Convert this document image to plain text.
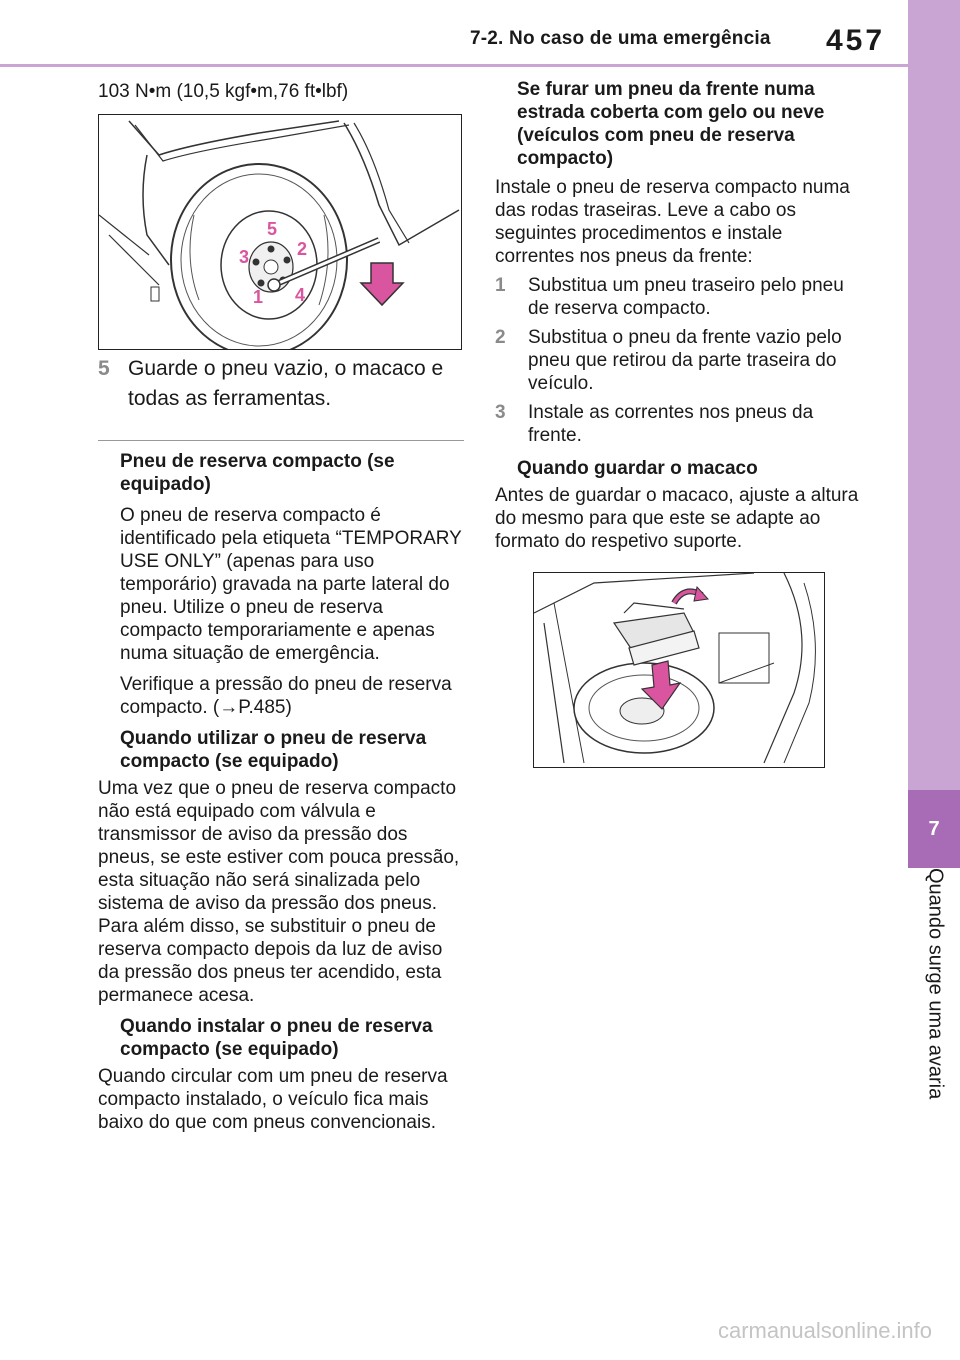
7-2. No caso de uma emergência 457
7
Quando surge uma avaria

103 N•m (10,5 kgf•m,76 ft•lbf)

5
2
3
1 4
5 Guarde o pneu vazio, o macaco e todas as ferramentas.

Pneu de reserva compacto (se equipado)

O pneu de reserva compacto é identificado pela etiqueta “TEMPORARY USE ONLY” (apenas para uso temporário) gravada na parte lateral do pneu. Utilize o pneu de reserva compacto temporariamente e apenas numa situação de emergência.

Verifique a pressão do pneu de reserva compacto. (→P.485)

Quando utilizar o pneu de reserva compacto (se equipado)

Uma vez que o pneu de reserva compacto não está equipado com válvula e transmissor de aviso da pressão dos pneus, se este estiver com pouca pressão, esta situação não será sinalizada pelo sistema de aviso da pressão dos pneus. Para além disso, se substituir o pneu de reserva compacto depois da luz de aviso da pressão dos pneus ter acendido, esta permanece acesa.

Quando instalar o pneu de reserva compacto (se equipado)

Quando circular com um pneu de reserva compacto instalado, o veículo fica mais baixo do que com pneus convencionais.

Se furar um pneu da frente numa estrada coberta com gelo ou neve (veículos com pneu de reserva compacto)

Instale o pneu de reserva compacto numa das rodas traseiras. Leve a cabo os seguintes procedimentos e instale correntes nos pneus da frente:

1	Substitua um pneu traseiro pelo pneu de reserva compacto.
2	Substitua o pneu da frente vazio pelo pneu que retirou da parte traseira do veículo.
3	Instale as correntes nos pneus da frente.

Quando guardar o macaco

Antes de guardar o macaco, ajuste a altura do mesmo para que este se adapte ao formato do respetivo suporte.

carmanualsonline.info
